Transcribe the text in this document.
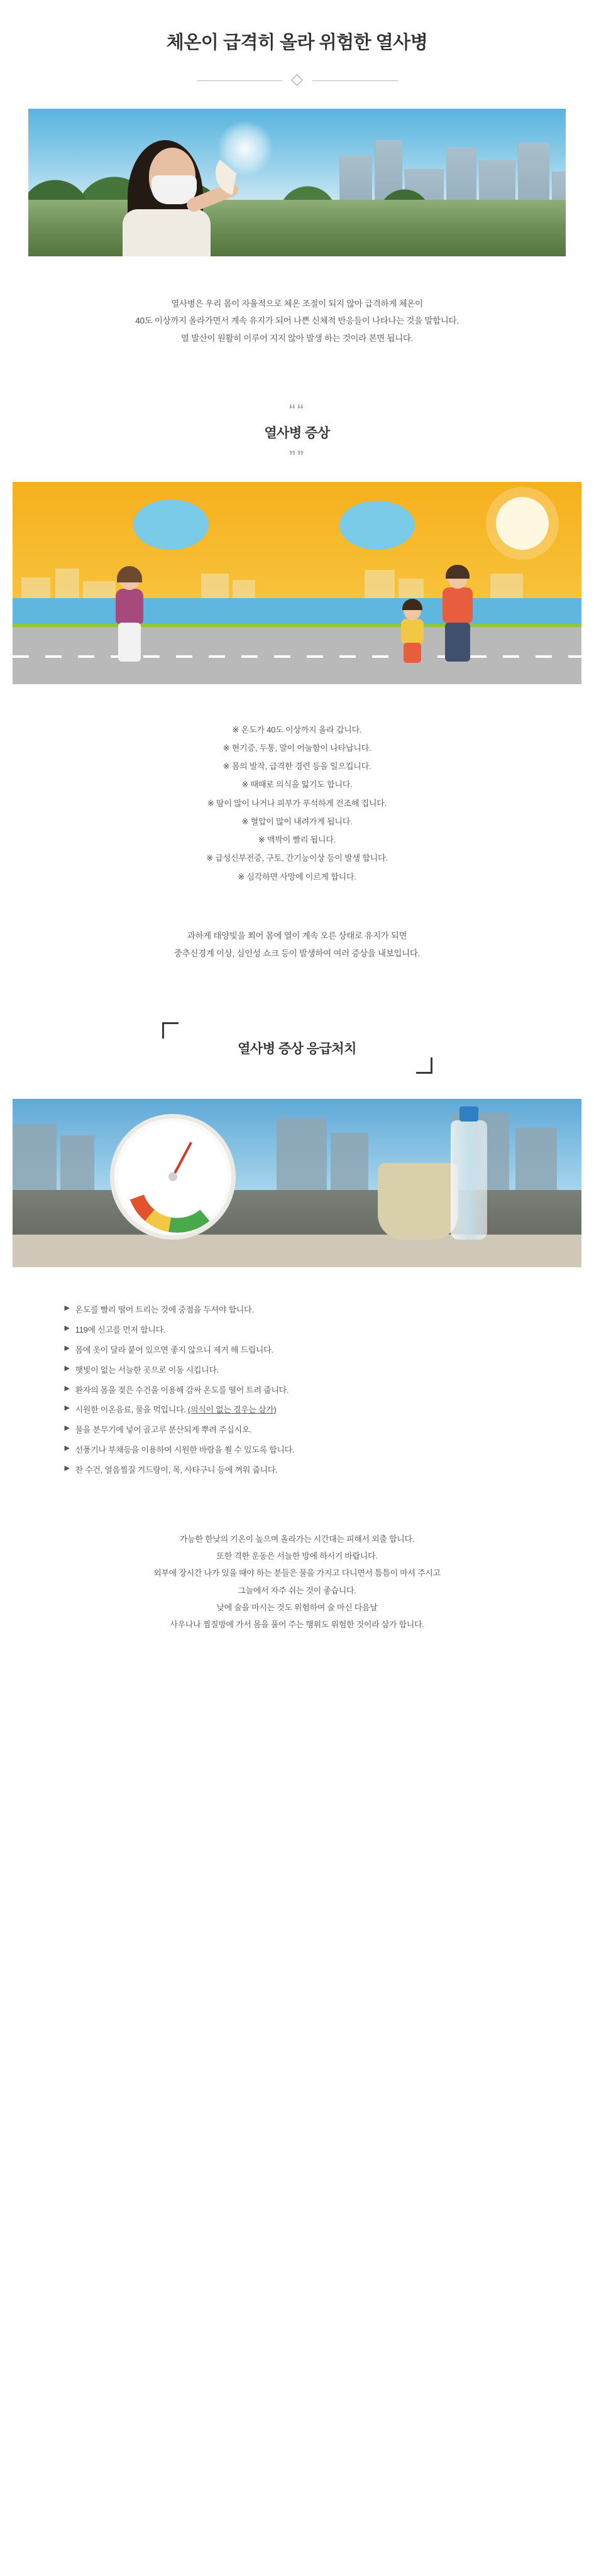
체온이 급격히 올라 위험한 열사병
열사병은 우리 몸이 자율적으로 체온 조절이 되지 않아 급격하게 체온이
40도 이상까지 올라가면서 계속 유지가 되어 나쁜 신체적 반응들이 나타나는 것을 말합니다.
열 발산이 원활히 이루어 지지 않아 발생 하는 것이라 본면 됩니다.
““
열사병 증상
””
※ 온도가 40도 이상까지 올라 갑니다.
※ 현기증, 두통, 말이 어눌함이 나타납니다.
※ 몸의 발작, 급격한 경련 등을 일으킵니다.
※ 때때로 의식을 잃기도 합니다.
※ 땀이 많이 나거나 피부가 푸석하게 건조해 집니다.
※ 혈압이 많이 내려가게 됩니다.
※ 맥박이 빨리 됩니다.
※ 급성신부전증, 구토, 간기능이상 등이 발생 합니다.
※ 심각하면 사망에 이르게 합니다.
과하게 태양빛을 쬐어 몸에 열이 계속 오른 상태로 유지가 되면
중추신경계 이상, 심인성 쇼크 등이 발생하여 여러 증상을 내보입니다.
열사병 증상 응급처치
▶ 온도를 빨리 떨어 트리는 것에 중점을 두셔야 합니다.
▶ 119에 신고를 먼저 합니다.
▶ 몸에 옷이 달라 붙어 있으면 좋지 않으니 제거 해 드립니다.
▶ 햇빛이 없는 서늘한 곳으로 이동 시킵니다.
▶ 환자의 몸을 젖은 수건을 이용해 감싸 온도를 떨어 트려 줍니다.
▶ 시원한 이온음료, 물을 먹입니다. (의식이 없는 경우는 삼가)
▶ 물을 분무기에 넣어 골고루 분산되게 뿌려 주십시오.
▶ 선풍기나 부채등을 이용하여 시원한 바람을 쐴 수 있도록 합니다.
▶ 찬 수건, 얼음찜질 겨드랑이, 목, 사타구니 등에 껴워 줍니다.
가능한 한낮의 기온이 높으며 올라가는 시간대는 피해서 외출 합니다.
또한 격한 운동은 서늘한 방에 하시기 바랍니다.
외부에 장시간 나가 있을 때야 하는 분들은 물을 가지고 다니면서 틈틈이 마셔 주시고
그늘에서 자주 쉬는 것이 좋습니다.
낮에 술을 마시는 것도 위험하여 술 마신 다음날
사우나나 찜질방에 가서 몸을 풀어 주는 행위도 위험한 것이라 삼가 합니다.
